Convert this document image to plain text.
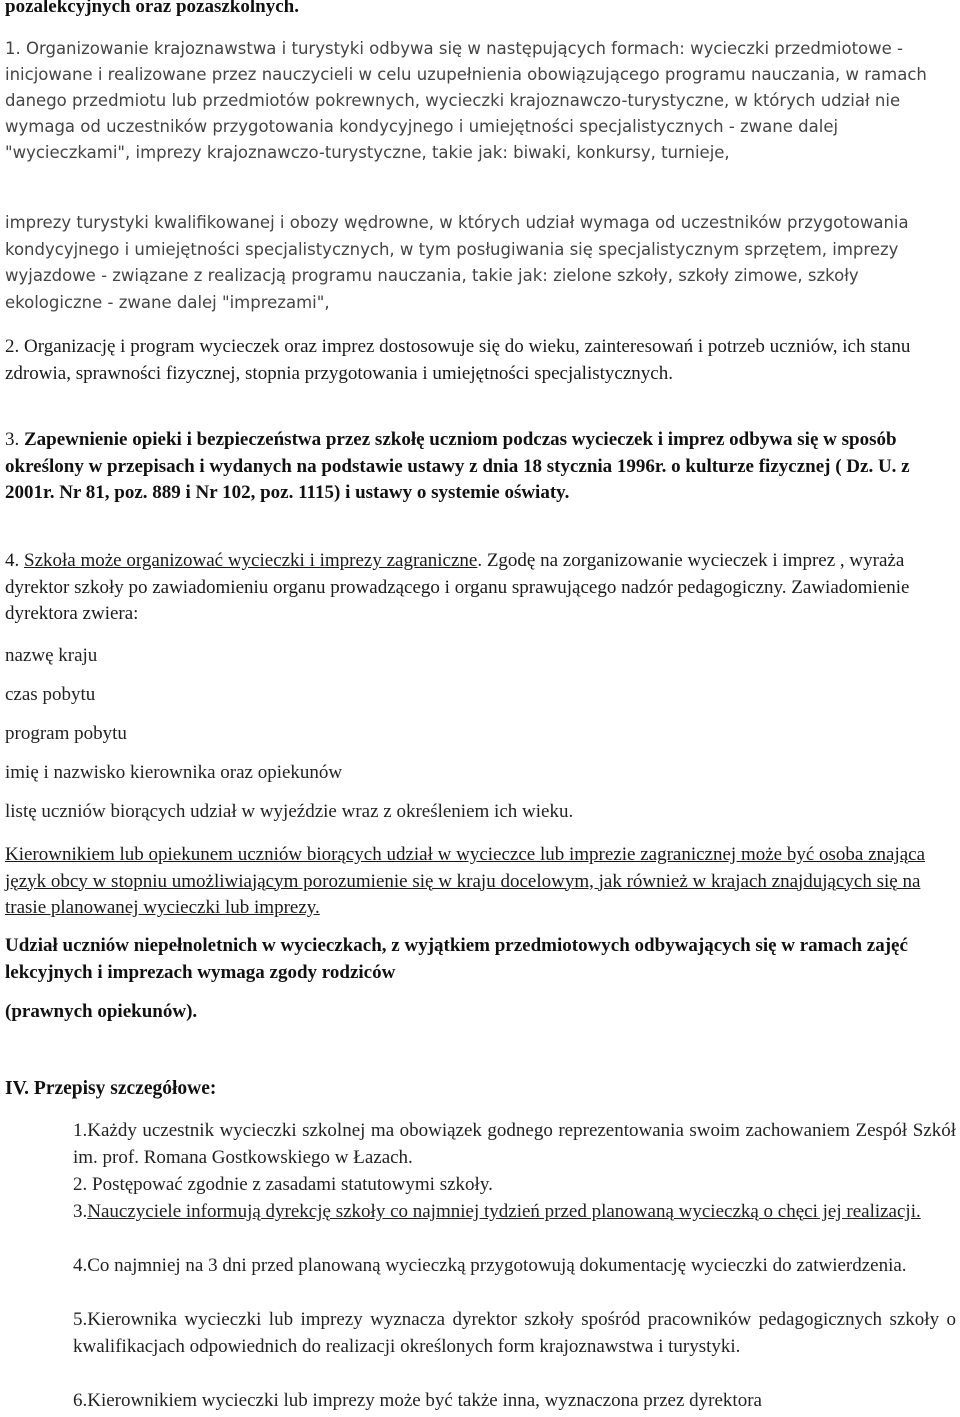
pozalekcyjnych oraz pozaszkolnych.

1. Organizowanie krajoznawstwa i turystyki odbywa się w następujących formach: wycieczki przedmiotowe - inicjowane i realizowane przez nauczycieli w celu uzupełnienia obowiązującego programu nauczania, w ramach danego przedmiotu lub przedmiotów pokrewnych, wycieczki krajoznawczo-turystyczne, w których udział nie wymaga od uczestników przygotowania kondycyjnego i umiejętności specjalistycznych - zwane dalej "wycieczkami", imprezy krajoznawczo-turystyczne, takie jak: biwaki, konkursy, turnieje,

imprezy turystyki kwalifikowanej i obozy wędrowne, w których udział wymaga od uczestników przygotowania kondycyjnego i umiejętności specjalistycznych, w tym posługiwania się specjalistycznym sprzętem, imprezy wyjazdowe - związane z realizacją programu nauczania, takie jak: zielone szkoły, szkoły zimowe, szkoły ekologiczne - zwane dalej "imprezami",

2. Organizację i program wycieczek oraz imprez dostosowuje się do wieku, zainteresowań i potrzeb uczniów, ich stanu zdrowia, sprawności fizycznej, stopnia przygotowania i umiejętności specjalistycznych.

3. Zapewnienie opieki i bezpieczeństwa przez szkołę uczniom podczas wycieczek i imprez odbywa się w sposób określony w przepisach i wydanych na podstawie ustawy z dnia 18 stycznia 1996r. o kulturze fizycznej ( Dz. U. z 2001r. Nr 81, poz. 889 i Nr 102, poz. 1115) i ustawy o systemie oświaty.

4. Szkoła może organizować wycieczki i imprezy zagraniczne. Zgodę na zorganizowanie wycieczek i imprez , wyraża dyrektor szkoły po zawiadomieniu organu prowadzącego i organu sprawującego nadzór pedagogiczny. Zawiadomienie dyrektora zwiera:

nazwę kraju

czas pobytu

program pobytu

imię i nazwisko kierownika oraz opiekunów

listę uczniów biorących udział w wyjeździe wraz z określeniem ich wieku.

Kierownikiem lub opiekunem uczniów biorących udział w wycieczce lub imprezie zagranicznej może być osoba znająca język obcy w stopniu umożliwiającym porozumienie się w kraju docelowym, jak również w krajach znajdujących się na trasie planowanej wycieczki lub imprezy.

Udział uczniów niepełnoletnich w wycieczkach, z wyjątkiem przedmiotowych odbywających się w ramach zajęć lekcyjnych i imprezach wymaga zgody rodziców

(prawnych opiekunów).

IV. Przepisy szczegółowe:

1.Każdy uczestnik wycieczki szkolnej ma obowiązek godnego reprezentowania swoim zachowaniem Zespół Szkół im. prof. Romana Gostkowskiego w Łazach.

2. Postępować zgodnie z zasadami statutowymi szkoły.

3.Nauczyciele informują dyrekcję szkoły co najmniej tydzień przed planowaną wycieczką o chęci jej realizacji.

4.Co najmniej na 3 dni przed planowaną wycieczką przygotowują dokumentację wycieczki do zatwierdzenia.

5.Kierownika wycieczki lub imprezy wyznacza dyrektor szkoły spośród pracowników pedagogicznych szkoły o kwalifikacjach odpowiednich do realizacji określonych form krajoznawstwa i turystyki.

6.Kierownikiem wycieczki lub imprezy może być także inna, wyznaczona przez dyrektora
